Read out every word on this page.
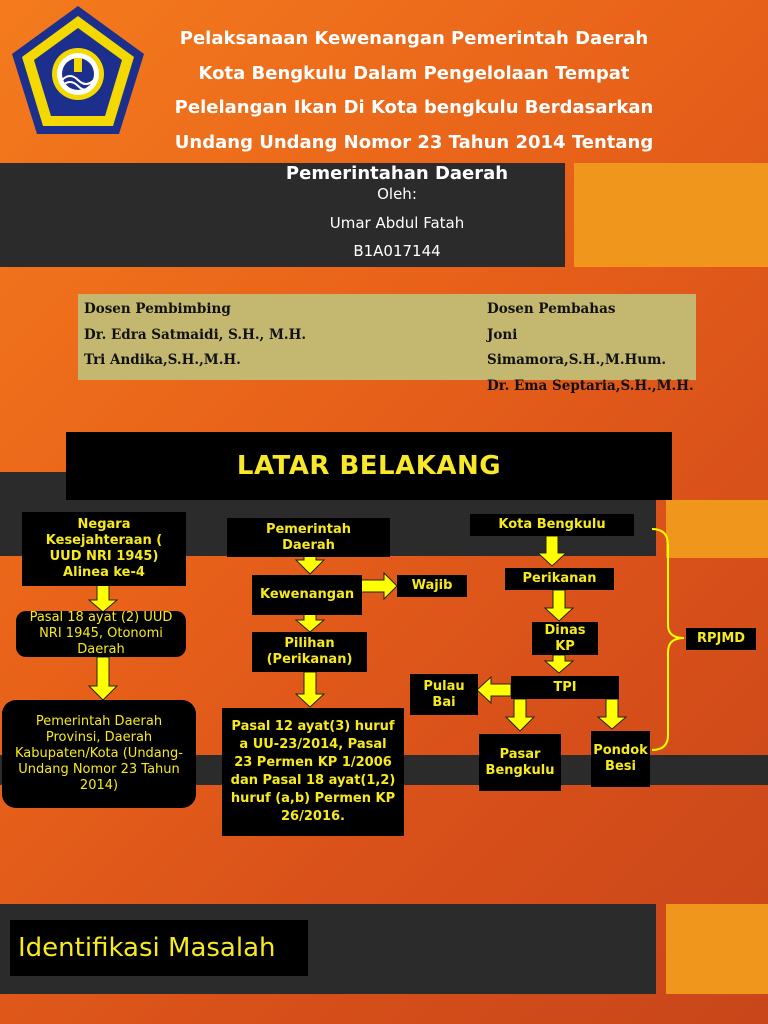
Pelaksanaan Kewenangan Pemerintah Daerah
Kota Bengkulu Dalam Pengelolaan Tempat
Pelelangan Ikan Di Kota bengkulu Berdasarkan
Undang Undang Nomor 23 Tahun 2014 Tentang
Pemerintahan Daerah
Oleh:
Umar Abdul Fatah
B1A017144
Dosen Pembimbing
Dr. Edra Satmaidi, S.H., M.H.
Tri Andika,S.H.,M.H.
Dosen Pembahas
Joni Simamora,S.H.,M.Hum.
Dr. Ema Septaria,S.H.,M.H.
LATAR BELAKANG
Negara Kesejahteraan ( UUD NRI 1945) Alinea ke-4
Pasal 18 ayat (2) UUD NRI 1945, Otonomi Daerah
Pemerintah Daerah Provinsi, Daerah Kabupaten/Kota (Undang-Undang Nomor 23 Tahun 2014)
Pemerintah Daerah
Kewenangan
Wajib
Pilihan (Perikanan)
Pasal 12 ayat(3) huruf a UU-23/2014, Pasal 23 Permen KP 1/2006 dan Pasal 18 ayat(1,2) huruf (a,b) Permen KP 26/2016.
Kota Bengkulu
Perikanan
Dinas KP
TPI
Pulau Bai
Pasar Bengkulu
Pondok Besi
RPJMD
Identifikasi Masalah
